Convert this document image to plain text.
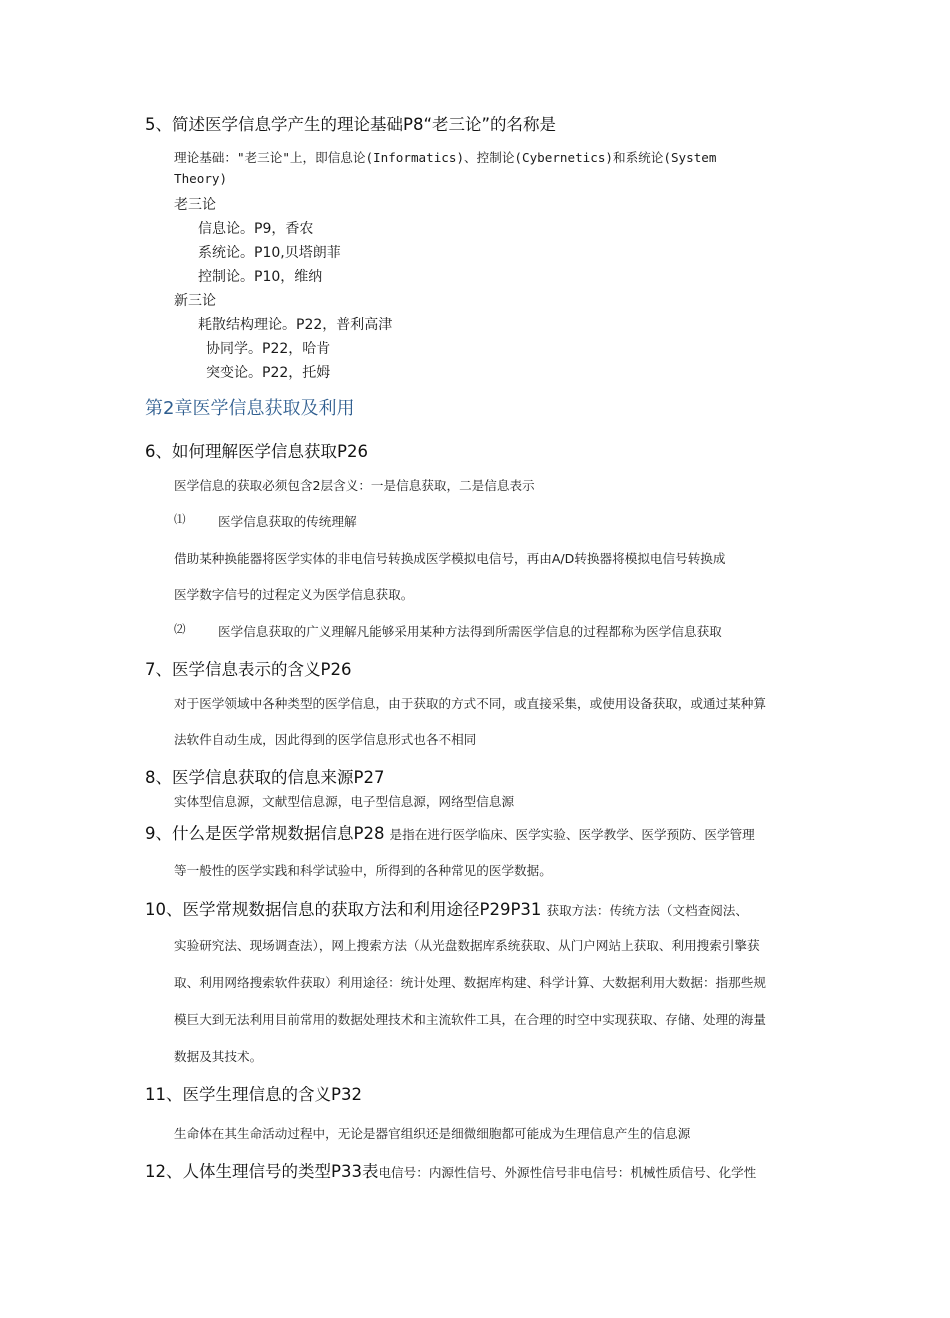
5、简述医学信息学产生的理论基础P8“老三论”的名称是
理论基础："老三论"上，即信息论(Informatics)、控制论(Cybernetics)和系统论(System
Theory)
老三论
信息论。P9，香农
系统论。P10,贝塔朗菲
控制论。P10，维纳
新三论
耗散结构理论。P22，普利高津
协同学。P22，哈肯
突变论。P22，托姆
第2章医学信息获取及利用
6、如何理解医学信息获取P26
医学信息的获取必须包含2层含义：一是信息获取，二是信息表示
⑴	医学信息获取的传统理解
借助某种换能器将医学实体的非电信号转换成医学模拟电信号，再由A/D转换器将模拟电信号转换成
医学数字信号的过程定义为医学信息获取。
⑵	医学信息获取的广义理解凡能够采用某种方法得到所需医学信息的过程都称为医学信息获取
7、医学信息表示的含义P26
对于医学领域中各种类型的医学信息，由于获取的方式不同，或直接采集，或使用设备获取，或通过某种算
法软件自动生成，因此得到的医学信息形式也各不相同
8、医学信息获取的信息来源P27
实体型信息源，文献型信息源，电子型信息源，网络型信息源
9、什么是医学常规数据信息P28 是指在进行医学临床、医学实验、医学教学、医学预防、医学管理
等一般性的医学实践和科学试验中，所得到的各种常见的医学数据。
10、医学常规数据信息的获取方法和利用途径P29P31 获取方法：传统方法（文档查阅法、
实验研究法、现场调查法），网上搜索方法（从光盘数据库系统获取、从门户网站上获取、利用搜索引擎获
取、利用网络搜索软件获取）利用途径：统计处理、数据库构建、科学计算、大数据利用大数据：指那些规
模巨大到无法利用目前常用的数据处理技术和主流软件工具，在合理的时空中实现获取、存储、处理的海量
数据及其技术。
11、医学生理信息的含义P32
生命体在其生命活动过程中，无论是器官组织还是细微细胞都可能成为生理信息产生的信息源
12、人体生理信号的类型P33表电信号：内源性信号、外源性信号非电信号：机械性质信号、化学性
